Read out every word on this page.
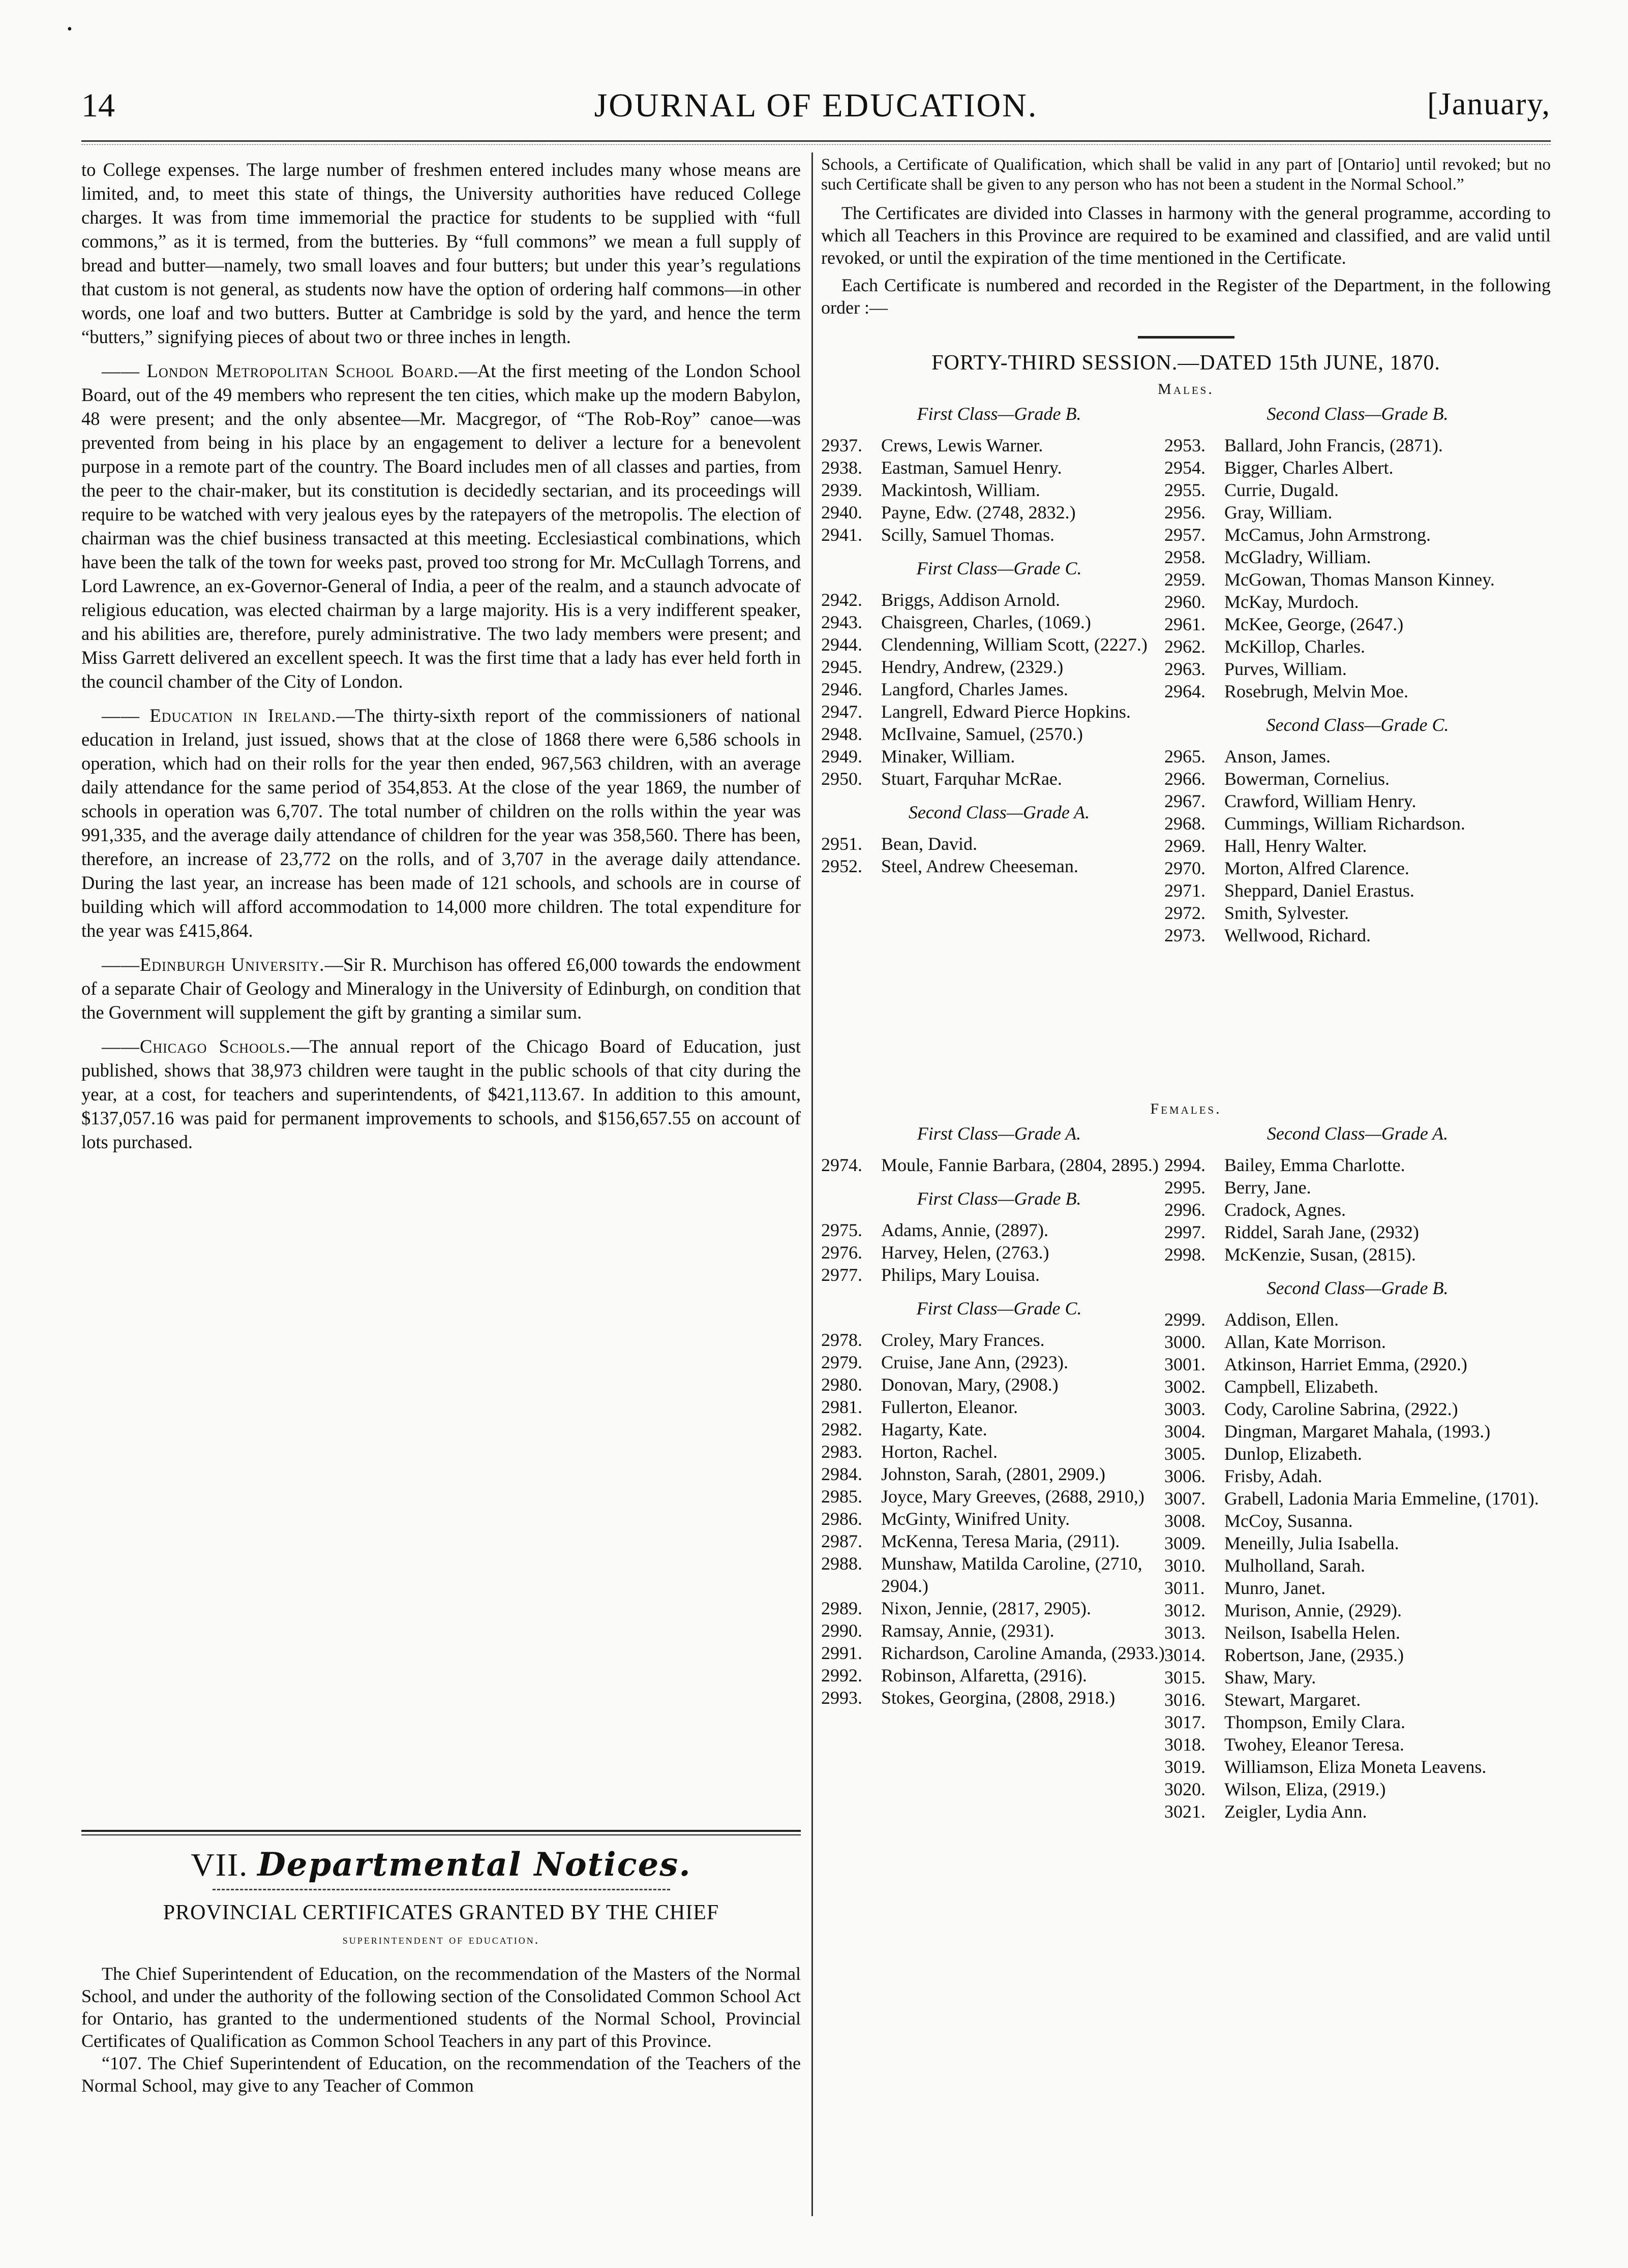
•
14	JOURNAL OF EDUCATION.	[January,

to College expenses. The large number of freshmen entered includes many whose means are limited, and, to meet this state of things, the University authorities have reduced College charges. It was from time immemorial the practice for students to be supplied with “full commons,” as it is termed, from the butteries. By “full commons” we mean a full supply of bread and butter—namely, two small loaves and four butters; but under this year’s regulations that custom is not general, as students now have the option of ordering half commons—in other words, one loaf and two butters. Butter at Cambridge is sold by the yard, and hence the term “butters,” signifying pieces of about two or three inches in length.

—— London Metropolitan School Board.—At the first meeting of the London School Board, out of the 49 members who represent the ten cities, which make up the modern Babylon, 48 were present; and the only absentee—Mr. Macgregor, of “The Rob-Roy” canoe—was prevented from being in his place by an engagement to deliver a lecture for a benevolent purpose in a remote part of the country. The Board includes men of all classes and parties, from the peer to the chair-maker, but its constitution is decidedly sectarian, and its proceedings will require to be watched with very jealous eyes by the ratepayers of the metropolis. The election of chairman was the chief business transacted at this meeting. Ecclesiastical combinations, which have been the talk of the town for weeks past, proved too strong for Mr. McCullagh Torrens, and Lord Lawrence, an ex-Governor-General of India, a peer of the realm, and a staunch advocate of religious education, was elected chairman by a large majority. His is a very indifferent speaker, and his abilities are, therefore, purely administrative. The two lady members were present; and Miss Garrett delivered an excellent speech. It was the first time that a lady has ever held forth in the council chamber of the City of London.

—— Education in Ireland.—The thirty-sixth report of the commissioners of national education in Ireland, just issued, shows that at the close of 1868 there were 6,586 schools in operation, which had on their rolls for the year then ended, 967,563 children, with an average daily attendance for the same period of 354,853. At the close of the year 1869, the number of schools in operation was 6,707. The total number of children on the rolls within the year was 991,335, and the average daily attendance of children for the year was 358,560. There has been, therefore, an increase of 23,772 on the rolls, and of 3,707 in the average daily attendance. During the last year, an increase has been made of 121 schools, and schools are in course of building which will afford accommodation to 14,000 more children. The total expenditure for the year was £415,864.

——Edinburgh University.—Sir R. Murchison has offered £6,000 towards the endowment of a separate Chair of Geology and Mineralogy in the University of Edinburgh, on condition that the Government will supplement the gift by granting a similar sum.

——Chicago Schools.—The annual report of the Chicago Board of Education, just published, shows that 38,973 children were taught in the public schools of that city during the year, at a cost, for teachers and superintendents, of $421,113.67. In addition to this amount, $137,057.16 was paid for permanent improvements to schools, and $156,657.55 on account of lots purchased.

VII. Departmental Notices.
PROVINCIAL CERTIFICATES GRANTED BY THE CHIEF
superintendent of education.

The Chief Superintendent of Education, on the recommendation of the Masters of the Normal School, and under the authority of the following section of the Consolidated Common School Act for Ontario, has granted to the undermentioned students of the Normal School, Provincial Certificates of Qualification as Common School Teachers in any part of this Province.

“107. The Chief Superintendent of Education, on the recommendation of the Teachers of the Normal School, may give to any Teacher of Common

Schools, a Certificate of Qualification, which shall be valid in any part of [Ontario] until revoked; but no such Certificate shall be given to any person who has not been a student in the Normal School.”

The Certificates are divided into Classes in harmony with the general programme, according to which all Teachers in this Province are required to be examined and classified, and are valid until revoked, or until the expiration of the time mentioned in the Certificate.

Each Certificate is numbered and recorded in the Register of the Department, in the following order :—

FORTY-THIRD SESSION.—DATED 15th JUNE, 1870.
Males.
First Class—Grade B.
2937.	Crews, Lewis Warner.
2938.	Eastman, Samuel Henry.
2939.	Mackintosh, William.
2940.	Payne, Edw. (2748, 2832.)
2941.	Scilly, Samuel Thomas.
First Class—Grade C.
2942.	Briggs, Addison Arnold.
2943.	Chaisgreen, Charles, (1069.)
2944.	Clendenning, William Scott, (2227.)
2945.	Hendry, Andrew, (2329.)
2946.	Langford, Charles James.
2947.	Langrell, Edward Pierce Hopkins.
2948.	McIlvaine, Samuel, (2570.)
2949.	Minaker, William.
2950.	Stuart, Farquhar McRae.
Second Class—Grade A.
2951.	Bean, David.
2952.	Steel, Andrew Cheeseman.
Second Class—Grade B.
2953.	Ballard, John Francis, (2871).
2954.	Bigger, Charles Albert.
2955.	Currie, Dugald.
2956.	Gray, William.
2957.	McCamus, John Armstrong.
2958.	McGladry, William.
2959.	McGowan, Thomas Manson Kinney.
2960.	McKay, Murdoch.
2961.	McKee, George, (2647.)
2962.	McKillop, Charles.
2963.	Purves, William.
2964.	Rosebrugh, Melvin Moe.
Second Class—Grade C.
2965.	Anson, James.
2966.	Bowerman, Cornelius.
2967.	Crawford, William Henry.
2968.	Cummings, William Richardson.
2969.	Hall, Henry Walter.
2970.	Morton, Alfred Clarence.
2971.	Sheppard, Daniel Erastus.
2972.	Smith, Sylvester.
2973.	Wellwood, Richard.
Females.
First Class—Grade A.
2974.	Moule, Fannie Barbara, (2804, 2895.)
First Class—Grade B.
2975.	Adams, Annie, (2897).
2976.	Harvey, Helen, (2763.)
2977.	Philips, Mary Louisa.
First Class—Grade C.
2978.	Croley, Mary Frances.
2979.	Cruise, Jane Ann, (2923).
2980.	Donovan, Mary, (2908.)
2981.	Fullerton, Eleanor.
2982.	Hagarty, Kate.
2983.	Horton, Rachel.
2984.	Johnston, Sarah, (2801, 2909.)
2985.	Joyce, Mary Greeves, (2688, 2910,)
2986.	McGinty, Winifred Unity.
2987.	McKenna, Teresa Maria, (2911).
2988.	Munshaw, Matilda Caroline, (2710, 2904.)
2989.	Nixon, Jennie, (2817, 2905).
2990.	Ramsay, Annie, (2931).
2991.	Richardson, Caroline Amanda, (2933.)
2992.	Robinson, Alfaretta, (2916).
2993.	Stokes, Georgina, (2808, 2918.)
Second Class—Grade A.
2994.	Bailey, Emma Charlotte.
2995.	Berry, Jane.
2996.	Cradock, Agnes.
2997.	Riddel, Sarah Jane, (2932)
2998.	McKenzie, Susan, (2815).
Second Class—Grade B.
2999.	Addison, Ellen.
3000.	Allan, Kate Morrison.
3001.	Atkinson, Harriet Emma, (2920.)
3002.	Campbell, Elizabeth.
3003.	Cody, Caroline Sabrina, (2922.)
3004.	Dingman, Margaret Mahala, (1993.)
3005.	Dunlop, Elizabeth.
3006.	Frisby, Adah.
3007.	Grabell, Ladonia Maria Emmeline, (1701).
3008.	McCoy, Susanna.
3009.	Meneilly, Julia Isabella.
3010.	Mulholland, Sarah.
3011.	Munro, Janet.
3012.	Murison, Annie, (2929).
3013.	Neilson, Isabella Helen.
3014.	Robertson, Jane, (2935.)
3015.	Shaw, Mary.
3016.	Stewart, Margaret.
3017.	Thompson, Emily Clara.
3018.	Twohey, Eleanor Teresa.
3019.	Williamson, Eliza Moneta Leavens.
3020.	Wilson, Eliza, (2919.)
3021.	Zeigler, Lydia Ann.
